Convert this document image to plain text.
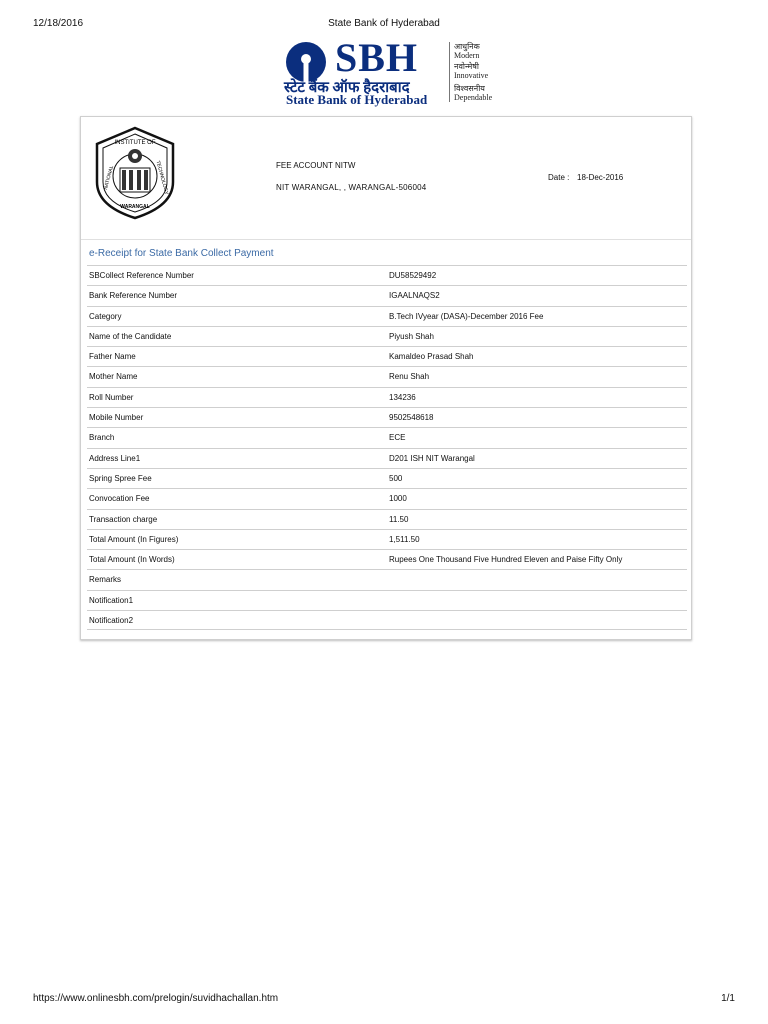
12/18/2016	State Bank of Hyderabad
SBH
स्टेट बैंक ऑफ हैदराबाद
State Bank of Hyderabad
आधुनिक
Modern
नवोन्मेषी
Innovative
विश्वसनीय
Dependable
INSTITUTE OF
NATIONAL	TECHNOLOGY
WARANGAL
FEE ACCOUNT NITW
NIT WARANGAL, , WARANGAL-506004
Date : 18-Dec-2016
e-Receipt for State Bank Collect Payment
SBCollect Reference Number	DU58529492
Bank Reference Number	IGAALNAQS2
Category	B.Tech IVyear (DASA)-December 2016 Fee
Name of the Candidate	Piyush Shah
Father Name	Kamaldeo Prasad Shah
Mother Name	Renu Shah
Roll Number	134236
Mobile Number	9502548618
Branch	ECE
Address Line1	D201 ISH NIT Warangal
Spring Spree Fee	500
Convocation Fee	1000
Transaction charge	11.50
Total Amount (In Figures)	1,511.50
Total Amount (In Words)	Rupees One Thousand Five Hundred Eleven and Paise Fifty Only
Remarks
Notification1
Notification2
https://www.onlinesbh.com/prelogin/suvidhachallan.htm	1/1
